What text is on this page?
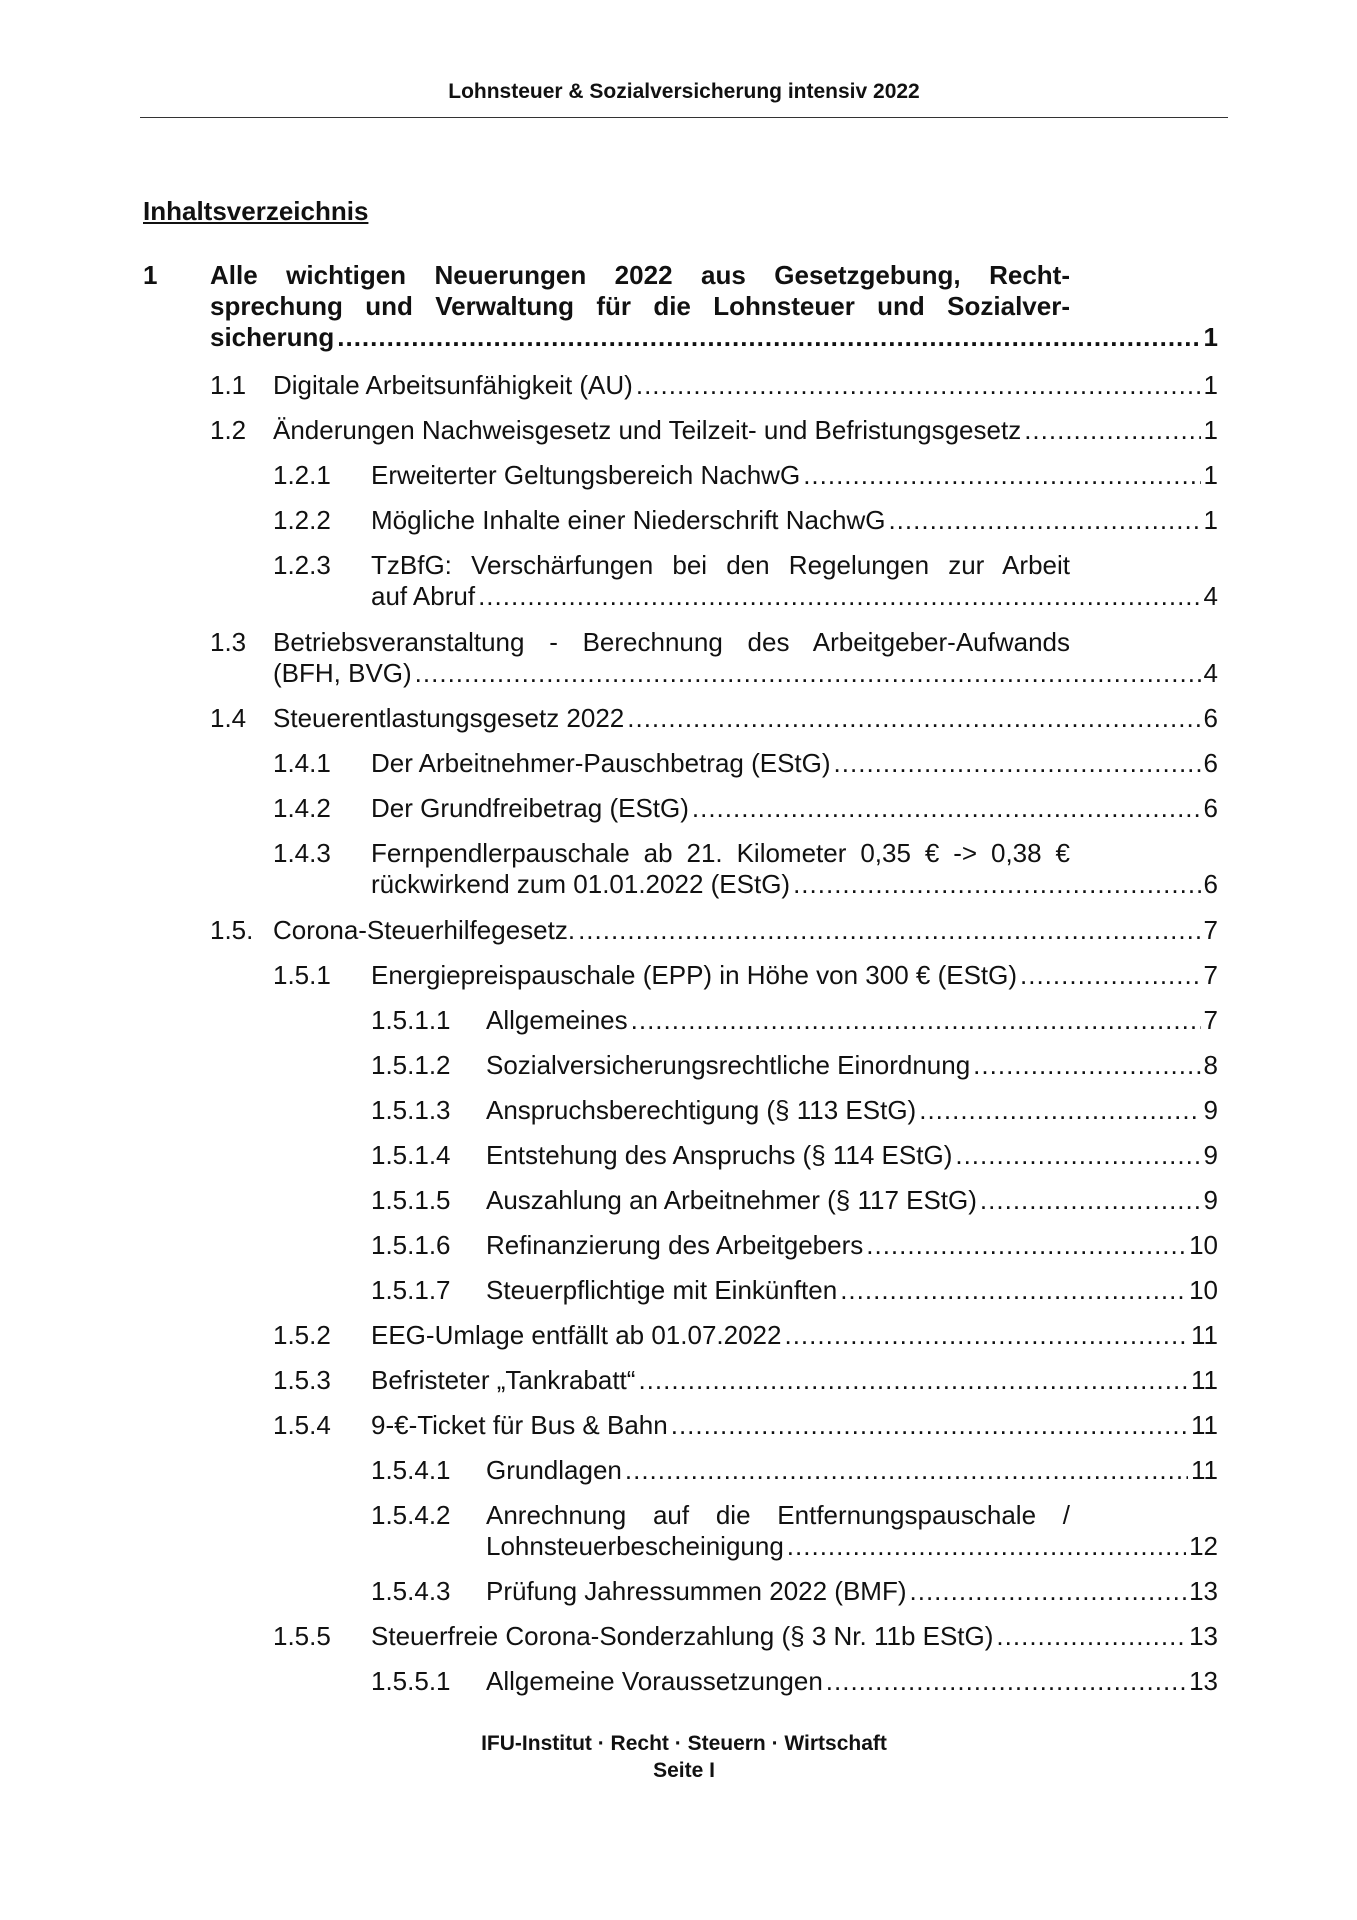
Lohnsteuer & Sozialversicherung intensiv 2022
Inhaltsverzeichnis
1 Alle wichtigen Neuerungen 2022 aus Gesetzgebung, Recht-
sprechung und Verwaltung für die Lohnsteuer und Sozialver-
sicherung .....	1
1.1 Digitale Arbeitsunfähigkeit (AU) .....	1
1.2 Änderungen Nachweisgesetz und Teilzeit- und Befristungsgesetz .....	1
1.2.1 Erweiterter Geltungsbereich NachwG .....	1
1.2.2 Mögliche Inhalte einer Niederschrift NachwG .....	1
1.2.3 TzBfG: Verschärfungen bei den Regelungen zur Arbeit
auf Abruf .....	4
1.3 Betriebsveranstaltung - Berechnung des Arbeitgeber-Aufwands
(BFH, BVG) .....	4
1.4 Steuerentlastungsgesetz 2022 .....	6
1.4.1 Der Arbeitnehmer-Pauschbetrag (EStG) .....	6
1.4.2 Der Grundfreibetrag (EStG) .....	6
1.4.3 Fernpendlerpauschale ab 21. Kilometer 0,35 € -> 0,38 €
rückwirkend zum 01.01.2022 (EStG) .....	6
1.5. Corona-Steuerhilfegesetz. .....	7
1.5.1 Energiepreispauschale (EPP) in Höhe von 300 € (EStG) .....	7
1.5.1.1 Allgemeines .....	7
1.5.1.2 Sozialversicherungsrechtliche Einordnung .....	8
1.5.1.3 Anspruchsberechtigung (§ 113 EStG) .....	9
1.5.1.4 Entstehung des Anspruchs (§ 114 EStG) .....	9
1.5.1.5 Auszahlung an Arbeitnehmer (§ 117 EStG) .....	9
1.5.1.6 Refinanzierung des Arbeitgebers .....	10
1.5.1.7 Steuerpflichtige mit Einkünften .....	10
1.5.2 EEG-Umlage entfällt ab 01.07.2022 .....	11
1.5.3 Befristeter „Tankrabatt“ .....	11
1.5.4 9-€-Ticket für Bus & Bahn .....	11
1.5.4.1 Grundlagen .....	11
1.5.4.2 Anrechnung auf die Entfernungspauschale /
Lohnsteuerbescheinigung .....	12
1.5.4.3 Prüfung Jahressummen 2022 (BMF) .....	13
1.5.5 Steuerfreie Corona-Sonderzahlung (§ 3 Nr. 11b EStG) .....	13
1.5.5.1 Allgemeine Voraussetzungen .....	13
IFU-Institut · Recht · Steuern · Wirtschaft
Seite I
